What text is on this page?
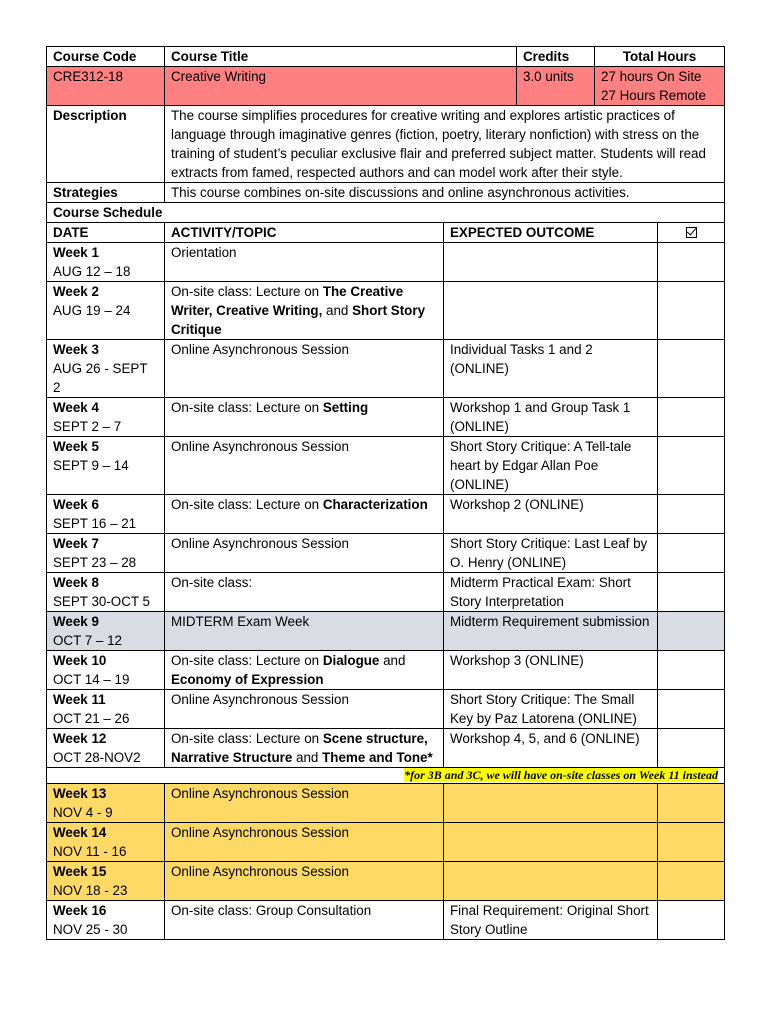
Course Code	Course Title	Credits	Total Hours
CRE312-18	Creative Writing	3.0 units	27 hours On Site
27 Hours Remote

Description	The course simplifies procedures for creative writing and explores artistic practices of language through imaginative genres (fiction, poetry, literary nonfiction) with stress on the training of student’s peculiar exclusive flair and preferred subject matter. Students will read extracts from famed, respected authors and can model work after their style.		
Strategies	This course combines on-site discussions and online asynchronous activities.		
Course Schedule			
DATE	ACTIVITY/TOPIC	EXPECTED OUTCOME	

Week 1
AUG 12 – 18	Orientation		

Week 2
AUG 19 – 24	On-site class: Lecture on The Creative Writer, Creative Writing, and Short Story Critique		

Week 3
AUG 26 - SEPT 2	Online Asynchronous Session	Individual Tasks 1 and 2 (ONLINE)	

Week 4
SEPT 2 – 7	On-site class: Lecture on Setting	Workshop 1 and Group Task 1 (ONLINE)	

Week 5
SEPT 9 – 14	Online Asynchronous Session	Short Story Critique: A Tell-tale heart by Edgar Allan Poe (ONLINE)	

Week 6
SEPT 16 – 21	On-site class: Lecture on Characterization	Workshop 2 (ONLINE)	

Week 7
SEPT 23 – 28	Online Asynchronous Session	Short Story Critique: Last Leaf by O. Henry (ONLINE)	

Week 8
SEPT 30-OCT 5	On-site class:	Midterm Practical Exam: Short Story Interpretation	

Week 9
OCT 7 – 12	MIDTERM Exam Week	Midterm Requirement submission	

Week 10
OCT 14 – 19	On-site class: Lecture on Dialogue and Economy of Expression	Workshop 3 (ONLINE)	

Week 11
OCT 21 – 26	Online Asynchronous Session	Short Story Critique: The Small Key by Paz Latorena (ONLINE)	

Week 12
OCT 28-NOV2	On-site class: Lecture on Scene structure, Narrative Structure and Theme and Tone*	Workshop 4, 5, and 6 (ONLINE)	
*for 3B and 3C, we will have on-site classes on Week 11 instead			

Week 13
NOV 4 - 9	Online Asynchronous Session		

Week 14
NOV 11 - 16	Online Asynchronous Session		

Week 15
NOV 18 - 23	Online Asynchronous Session		

Week 16
NOV 25 - 30	On-site class: Group Consultation	Final Requirement: Original Short Story Outline	
